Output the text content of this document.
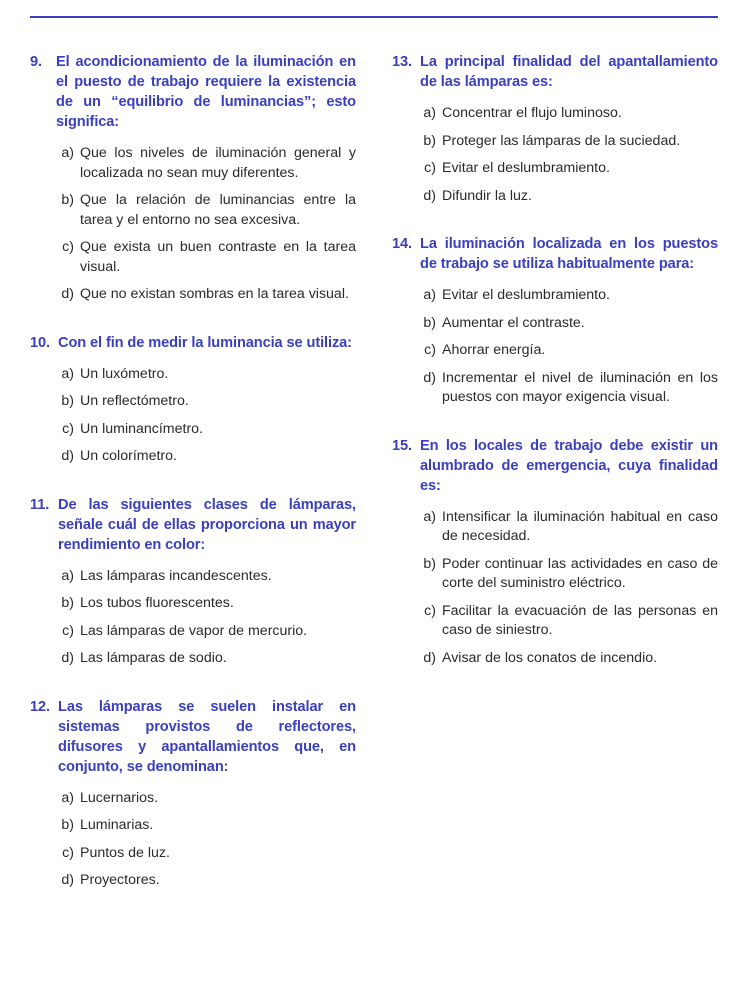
9. El acondicionamiento de la iluminación en el puesto de trabajo requiere la existencia de un “equilibrio de luminancias”; esto significa:
a) Que los niveles de iluminación general y localizada no sean muy diferentes.
b) Que la relación de luminancias entre la tarea y el entorno no sea excesiva.
c) Que exista un buen contraste en la tarea visual.
d) Que no existan sombras en la tarea visual.
10. Con el fin de medir la luminancia se utiliza:
a) Un luxómetro.
b) Un reflectómetro.
c) Un luminancímetro.
d) Un colorímetro.
11. De las siguientes clases de lámparas, señale cuál de ellas proporciona un mayor rendimiento en color:
a) Las lámparas incandescentes.
b) Los tubos fluorescentes.
c) Las lámparas de vapor de mercurio.
d) Las lámparas de sodio.
12. Las lámparas se suelen instalar en sistemas provistos de reflectores, difusores y apantallamientos que, en conjunto, se denominan:
a) Lucernarios.
b) Luminarias.
c) Puntos de luz.
d) Proyectores.
13. La principal finalidad del apantallamiento de las lámparas es:
a) Concentrar el flujo luminoso.
b) Proteger las lámparas de la suciedad.
c) Evitar el deslumbramiento.
d) Difundir la luz.
14. La iluminación localizada en los puestos de trabajo se utiliza habitualmente para:
a) Evitar el deslumbramiento.
b) Aumentar el contraste.
c) Ahorrar energía.
d) Incrementar el nivel de iluminación en los puestos con mayor exigencia visual.
15. En los locales de trabajo debe existir un alumbrado de emergencia, cuya finalidad es:
a) Intensificar la iluminación habitual en caso de necesidad.
b) Poder continuar las actividades en caso de corte del suministro eléctrico.
c) Facilitar la evacuación de las personas en caso de siniestro.
d) Avisar de los conatos de incendio.
